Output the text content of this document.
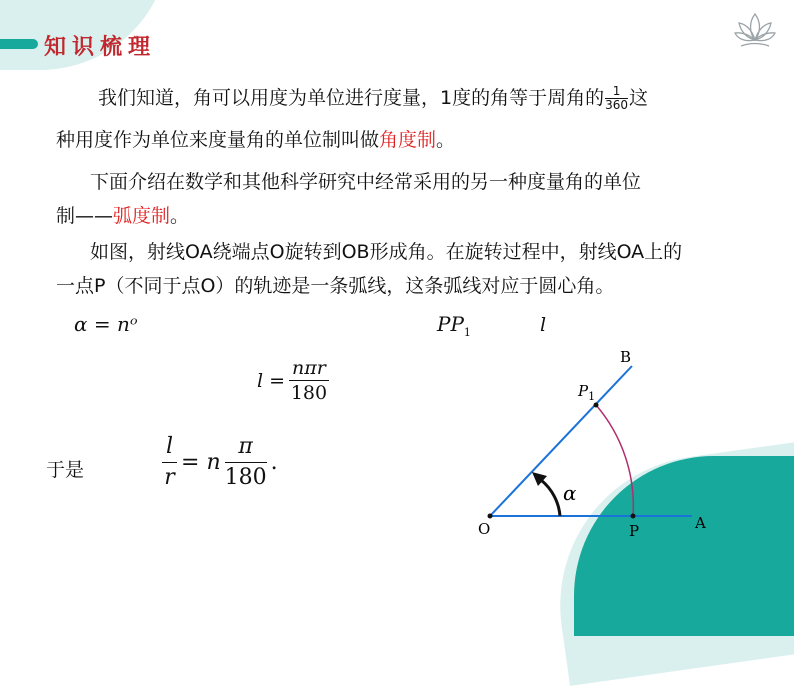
知识梳理
我们知道，角可以用度为单位进行度量，1度的角等于周角的 $\frac{1}{360}$ 这
种用度作为单位来度量角的单位制叫做角度制。
下面介绍在数学和其他科学研究中经常采用的另一种度量角的单位
制——弧度制。
如图，射线OA绕端点O旋转到OB形成角。在旋转过程中，射线OA上的
一点P（不同于点O）的轨迹是一条弧线，这条弧线对应于圆心角。
α = nᵒ	$PP_1$	l
l =
nπr
180
于是	$\frac{l}{r} = n \frac{\pi}{180}$ .
B
$P_1$
α
O	P	A
